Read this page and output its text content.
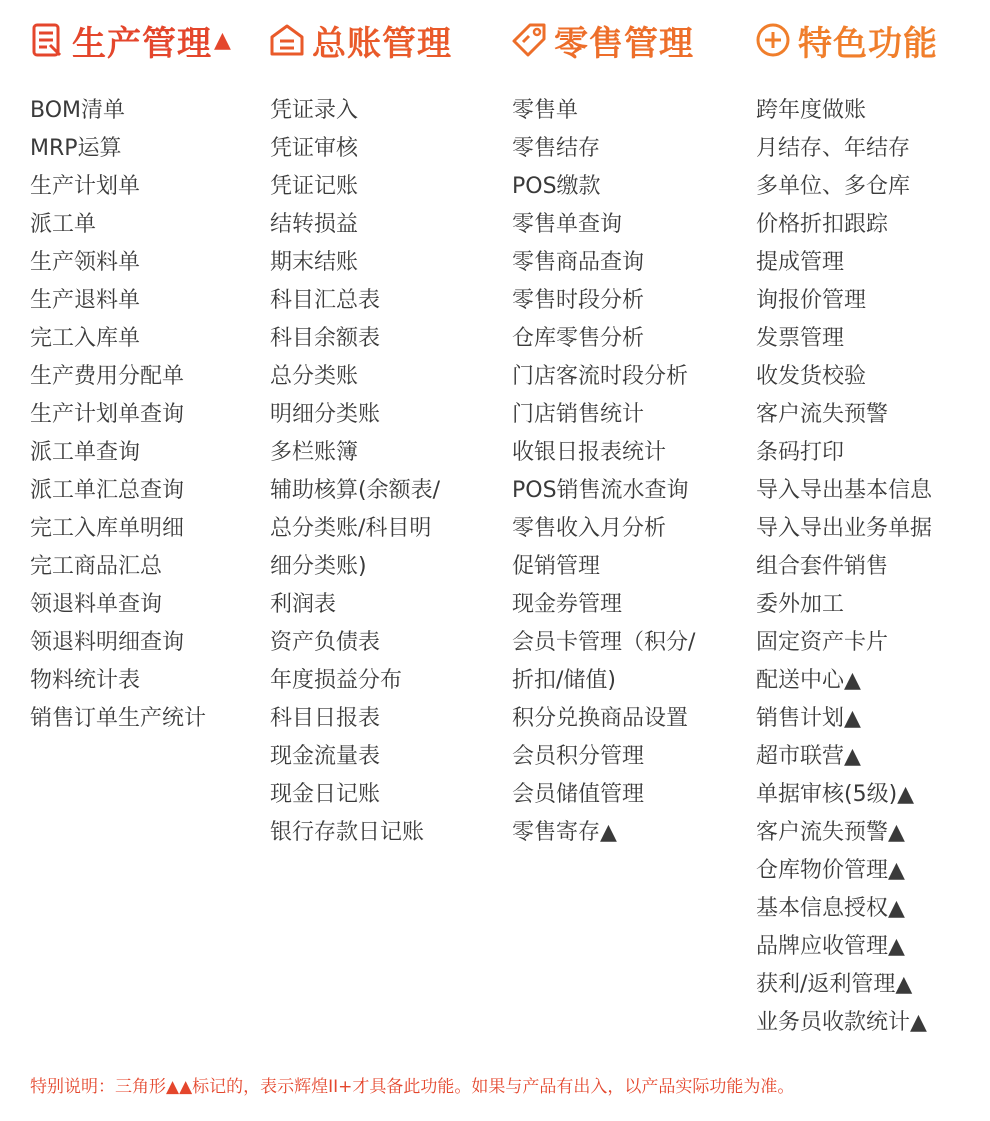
生产管理 ▲
BOM清单
MRP运算
生产计划单
派工单
生产领料单
生产退料单
完工入库单
生产费用分配单
生产计划单查询
派工单查询
派工单汇总查询
完工入库单明细
完工商品汇总
领退料单查询
领退料明细查询
物料统计表
销售订单生产统计
总账管理
凭证录入
凭证审核
凭证记账
结转损益
期末结账
科目汇总表
科目余额表
总分类账
明细分类账
多栏账簿
辅助核算(余额表/
总分类账/科目明
细分类账)
利润表
资产负债表
年度损益分布
科目日报表
现金流量表
现金日记账
银行存款日记账
零售管理
零售单
零售结存
POS缴款
零售单查询
零售商品查询
零售时段分析
仓库零售分析
门店客流时段分析
门店销售统计
收银日报表统计
POS销售流水查询
零售收入月分析
促销管理
现金券管理
会员卡管理（积分/
折扣/储值)
积分兑换商品设置
会员积分管理
会员储值管理
零售寄存▲
特色功能
跨年度做账
月结存、年结存
多单位、多仓库
价格折扣跟踪
提成管理
询报价管理
发票管理
收发货校验
客户流失预警
条码打印
导入导出基本信息
导入导出业务单据
组合套件销售
委外加工
固定资产卡片
配送中心▲
销售计划▲
超市联营▲
单据审核(5级)▲
客户流失预警▲
仓库物价管理▲
基本信息授权▲
品牌应收管理▲
获利/返利管理▲
业务员收款统计▲
特别说明：三角形▲▲标记的，表示辉煌II+才具备此功能。如果与产品有出入，以产品实际功能为准。
